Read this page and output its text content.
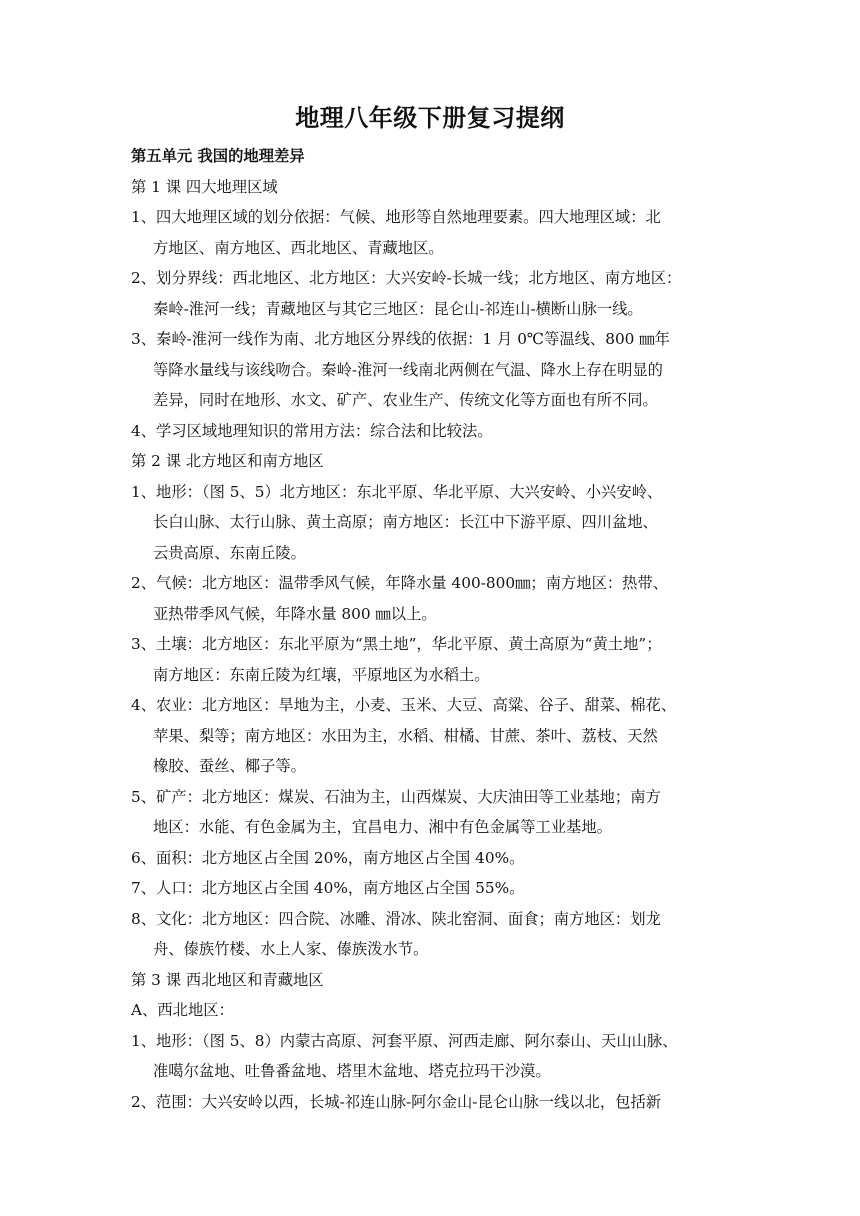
地理八年级下册复习提纲
第五单元 我国的地理差异
第 1 课 四大地理区域
1、四大地理区域的划分依据：气候、地形等自然地理要素。四大地理区域：北
方地区、南方地区、西北地区、青藏地区。
2、划分界线：西北地区、北方地区：大兴安岭-长城一线；北方地区、南方地区：
秦岭-淮河一线；青藏地区与其它三地区：昆仑山-祁连山-横断山脉一线。
3、秦岭-淮河一线作为南、北方地区分界线的依据：1 月 0℃等温线、800 ㎜年
等降水量线与该线吻合。秦岭-淮河一线南北两侧在气温、降水上存在明显的
差异，同时在地形、水文、矿产、农业生产、传统文化等方面也有所不同。
4、学习区域地理知识的常用方法：综合法和比较法。
第 2 课 北方地区和南方地区
1、地形：（图 5、5）北方地区：东北平原、华北平原、大兴安岭、小兴安岭、
长白山脉、太行山脉、黄土高原；南方地区：长江中下游平原、四川盆地、
云贵高原、东南丘陵。
2、气候：北方地区：温带季风气候，年降水量 400-800㎜；南方地区：热带、
亚热带季风气候，年降水量 800 ㎜以上。
3、土壤：北方地区：东北平原为“黑土地”，华北平原、黄土高原为“黄土地”；
南方地区：东南丘陵为红壤，平原地区为水稻土。
4、农业：北方地区：旱地为主，小麦、玉米、大豆、高粱、谷子、甜菜、棉花、
苹果、梨等；南方地区：水田为主，水稻、柑橘、甘蔗、茶叶、荔枝、天然
橡胶、蚕丝、椰子等。
5、矿产：北方地区：煤炭、石油为主，山西煤炭、大庆油田等工业基地；南方
地区：水能、有色金属为主，宜昌电力、湘中有色金属等工业基地。
6、面积：北方地区占全国 20%，南方地区占全国 40%。
7、人口：北方地区占全国 40%，南方地区占全国 55%。
8、文化：北方地区：四合院、冰雕、滑冰、陕北窑洞、面食；南方地区：划龙
舟、傣族竹楼、水上人家、傣族泼水节。
第 3 课 西北地区和青藏地区
A、西北地区：
1、地形：（图 5、8）内蒙古高原、河套平原、河西走廊、阿尔泰山、天山山脉、
准噶尔盆地、吐鲁番盆地、塔里木盆地、塔克拉玛干沙漠。
2、范围：大兴安岭以西，长城-祁连山脉-阿尔金山-昆仑山脉一线以北，包括新
